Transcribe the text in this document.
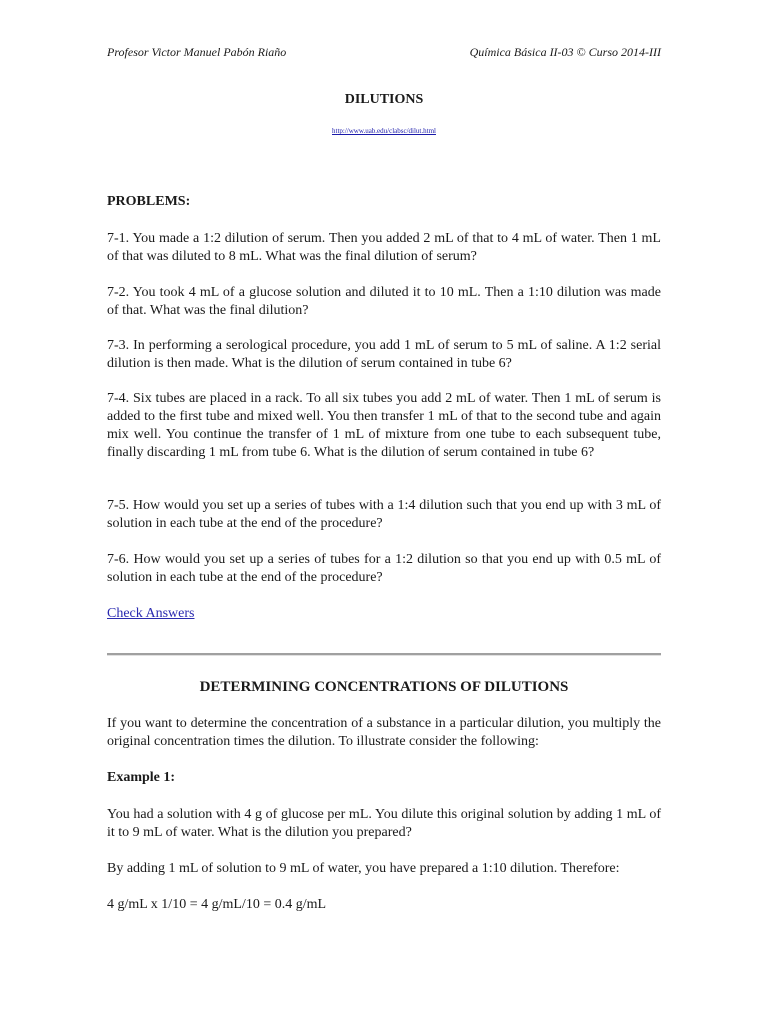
Profesor Victor Manuel Pabón Riaño	Química Básica II-03 © Curso 2014-III
DILUTIONS
http://www.uab.edu/clabsc/dilut.html

PROBLEMS:

7-1. You made a 1:2 dilution of serum. Then you added 2 mL of that to 4 mL of water. Then 1 mL of that was diluted to 8 mL. What was the final dilution of serum?

7-2. You took 4 mL of a glucose solution and diluted it to 10 mL. Then a 1:10 dilution was made of that. What was the final dilution?

7-3. In performing a serological procedure, you add 1 mL of serum to 5 mL of saline. A 1:2 serial dilution is then made. What is the dilution of serum contained in tube 6?

7-4. Six tubes are placed in a rack. To all six tubes you add 2 mL of water. Then 1 mL of serum is added to the first tube and mixed well. You then transfer 1 mL of that to the second tube and again mix well. You continue the transfer of 1 mL of mixture from one tube to each subsequent tube, finally discarding 1 mL from tube 6. What is the dilution of serum contained in tube 6?

7-5. How would you set up a series of tubes with a 1:4 dilution such that you end up with 3 mL of solution in each tube at the end of the procedure?

7-6. How would you set up a series of tubes for a 1:2 dilution so that you end up with 0.5 mL of solution in each tube at the end of the procedure?

Check Answers
DETERMINING CONCENTRATIONS OF DILUTIONS

If you want to determine the concentration of a substance in a particular dilution, you multiply the original concentration times the dilution. To illustrate consider the following:

Example 1:

You had a solution with 4 g of glucose per mL. You dilute this original solution by adding 1 mL of it to 9 mL of water. What is the dilution you prepared?

By adding 1 mL of solution to 9 mL of water, you have prepared a 1:10 dilution. Therefore:

4 g/mL x 1/10 = 4 g/mL/10 = 0.4 g/mL
